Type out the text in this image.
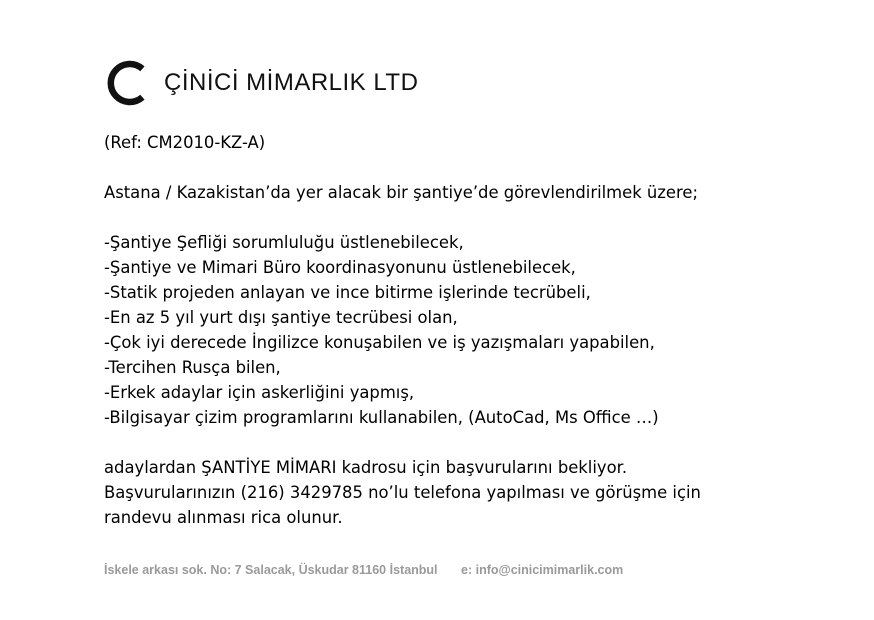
ÇİNİCİ MİMARLIK LTD
(Ref: CM2010-KZ-A)
Astana / Kazakistan’da yer alacak bir şantiye’de görevlendirilmek üzere;
-Şantiye Şefliği sorumluluğu üstlenebilecek,
-Şantiye ve Mimari Büro koordinasyonunu üstlenebilecek,
-Statik projeden anlayan ve ince bitirme işlerinde tecrübeli,
-En az 5 yıl yurt dışı şantiye tecrübesi olan,
-Çok iyi derecede İngilizce konuşabilen ve iş yazışmaları yapabilen,
-Tercihen Rusça bilen,
-Erkek adaylar için askerliğini yapmış,
-Bilgisayar çizim programlarını kullanabilen, (AutoCad, Ms Office …)
adaylardan ŞANTİYE MİMARI kadrosu için başvurularını bekliyor.
Başvurularınızın (216) 3429785 no’lu telefona yapılması ve görüşme için
randevu alınması rica olunur.
İskele arkası sok. No: 7 Salacak, Üskudar 81160 İstanbul e: info@cinicimimarlik.com
